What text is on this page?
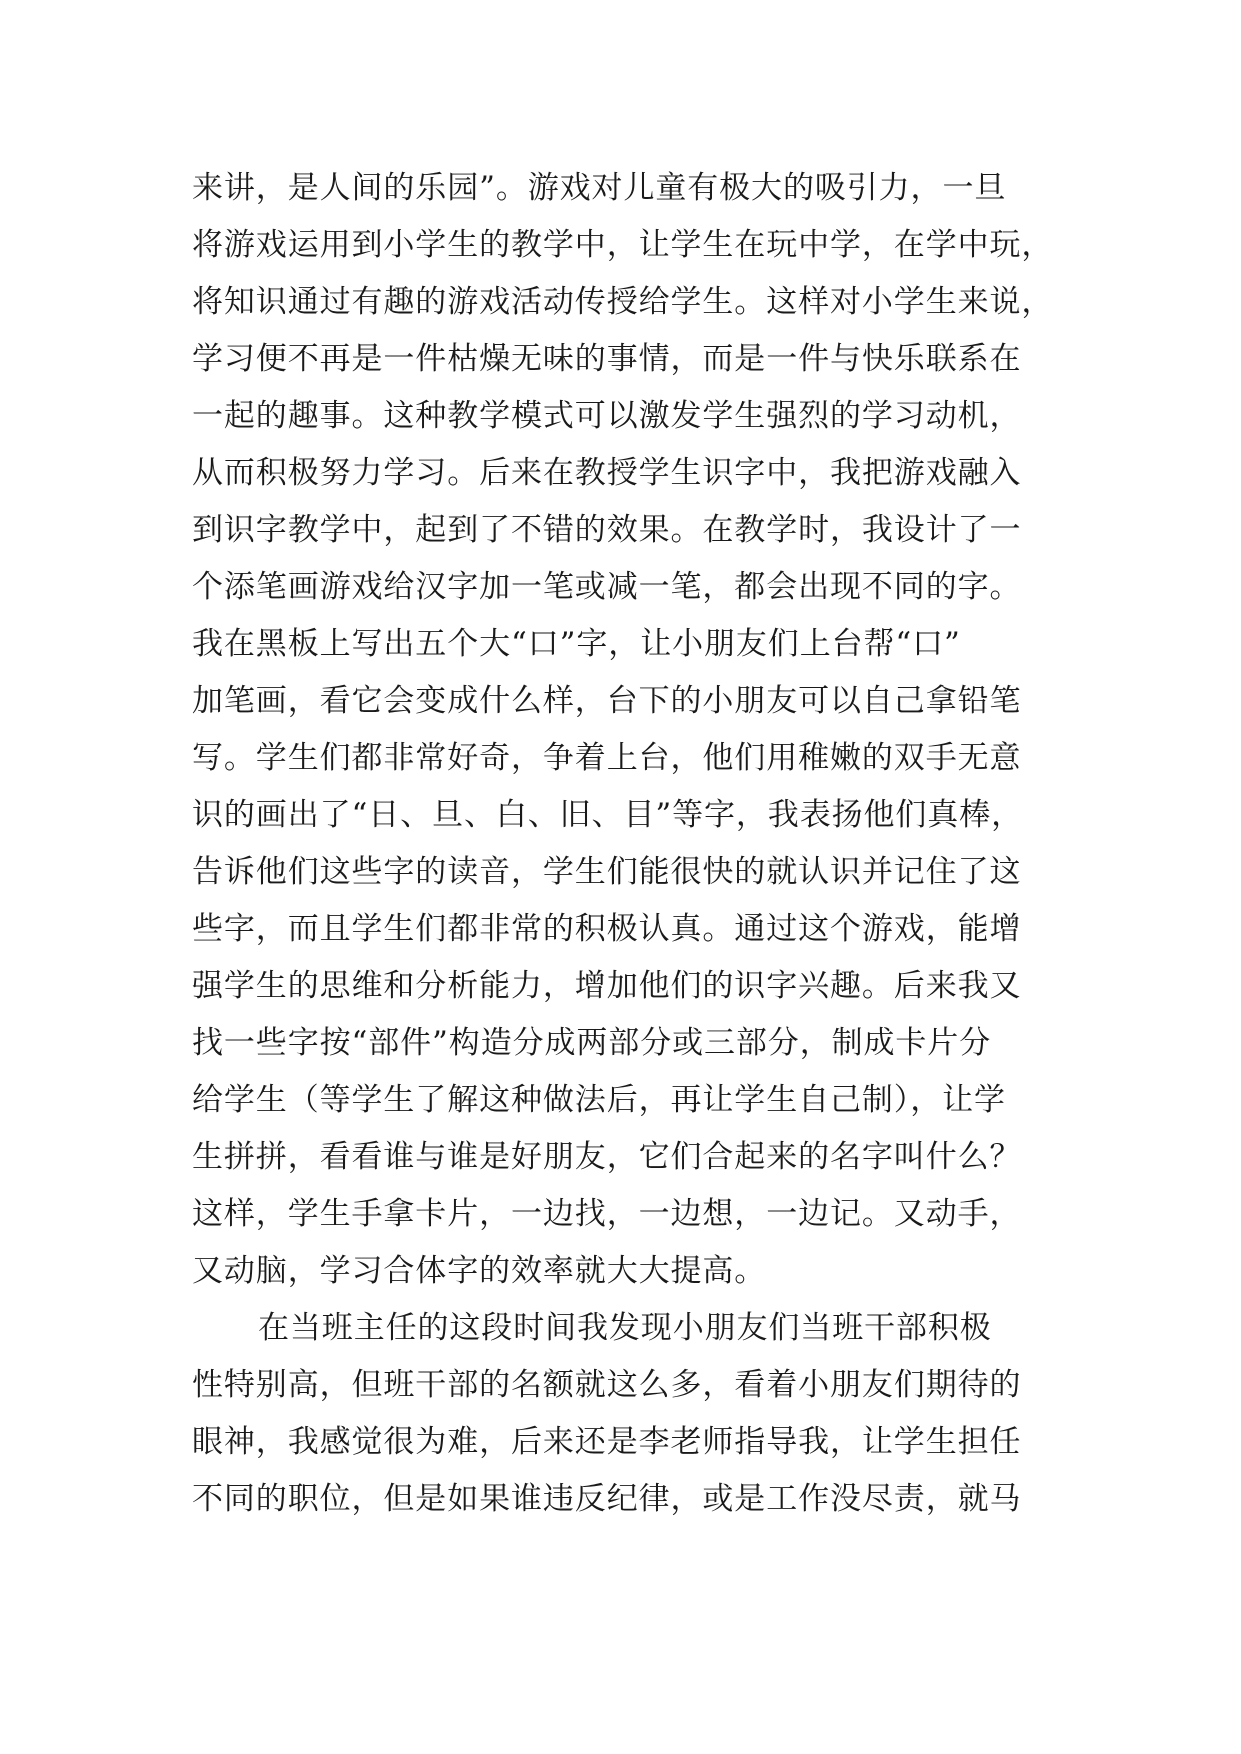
来讲，是人间的乐园”。游戏对儿童有极大的吸引力，一旦
将游戏运用到小学生的教学中，让学生在玩中学，在学中玩，
将知识通过有趣的游戏活动传授给学生。这样对小学生来说，
学习便不再是一件枯燥无味的事情，而是一件与快乐联系在
一起的趣事。这种教学模式可以激发学生强烈的学习动机，
从而积极努力学习。后来在教授学生识字中，我把游戏融入
到识字教学中，起到了不错的效果。在教学时，我设计了一
个添笔画游戏给汉字加一笔或减一笔，都会出现不同的字。
我在黑板上写出五个大“口”字，让小朋友们上台帮“口”
加笔画，看它会变成什么样，台下的小朋友可以自己拿铅笔
写。学生们都非常好奇，争着上台，他们用稚嫩的双手无意
识的画出了“日、旦、白、旧、目”等字，我表扬他们真棒，
告诉他们这些字的读音，学生们能很快的就认识并记住了这
些字，而且学生们都非常的积极认真。通过这个游戏，能增
强学生的思维和分析能力，增加他们的识字兴趣。后来我又
找一些字按“部件”构造分成两部分或三部分，制成卡片分
给学生（等学生了解这种做法后，再让学生自己制），让学
生拼拼，看看谁与谁是好朋友，它们合起来的名字叫什么？
这样，学生手拿卡片，一边找，一边想，一边记。又动手，
又动脑，学习合体字的效率就大大提高。
在当班主任的这段时间我发现小朋友们当班干部积极
性特别高，但班干部的名额就这么多，看着小朋友们期待的
眼神，我感觉很为难，后来还是李老师指导我，让学生担任
不同的职位，但是如果谁违反纪律，或是工作没尽责，就马
